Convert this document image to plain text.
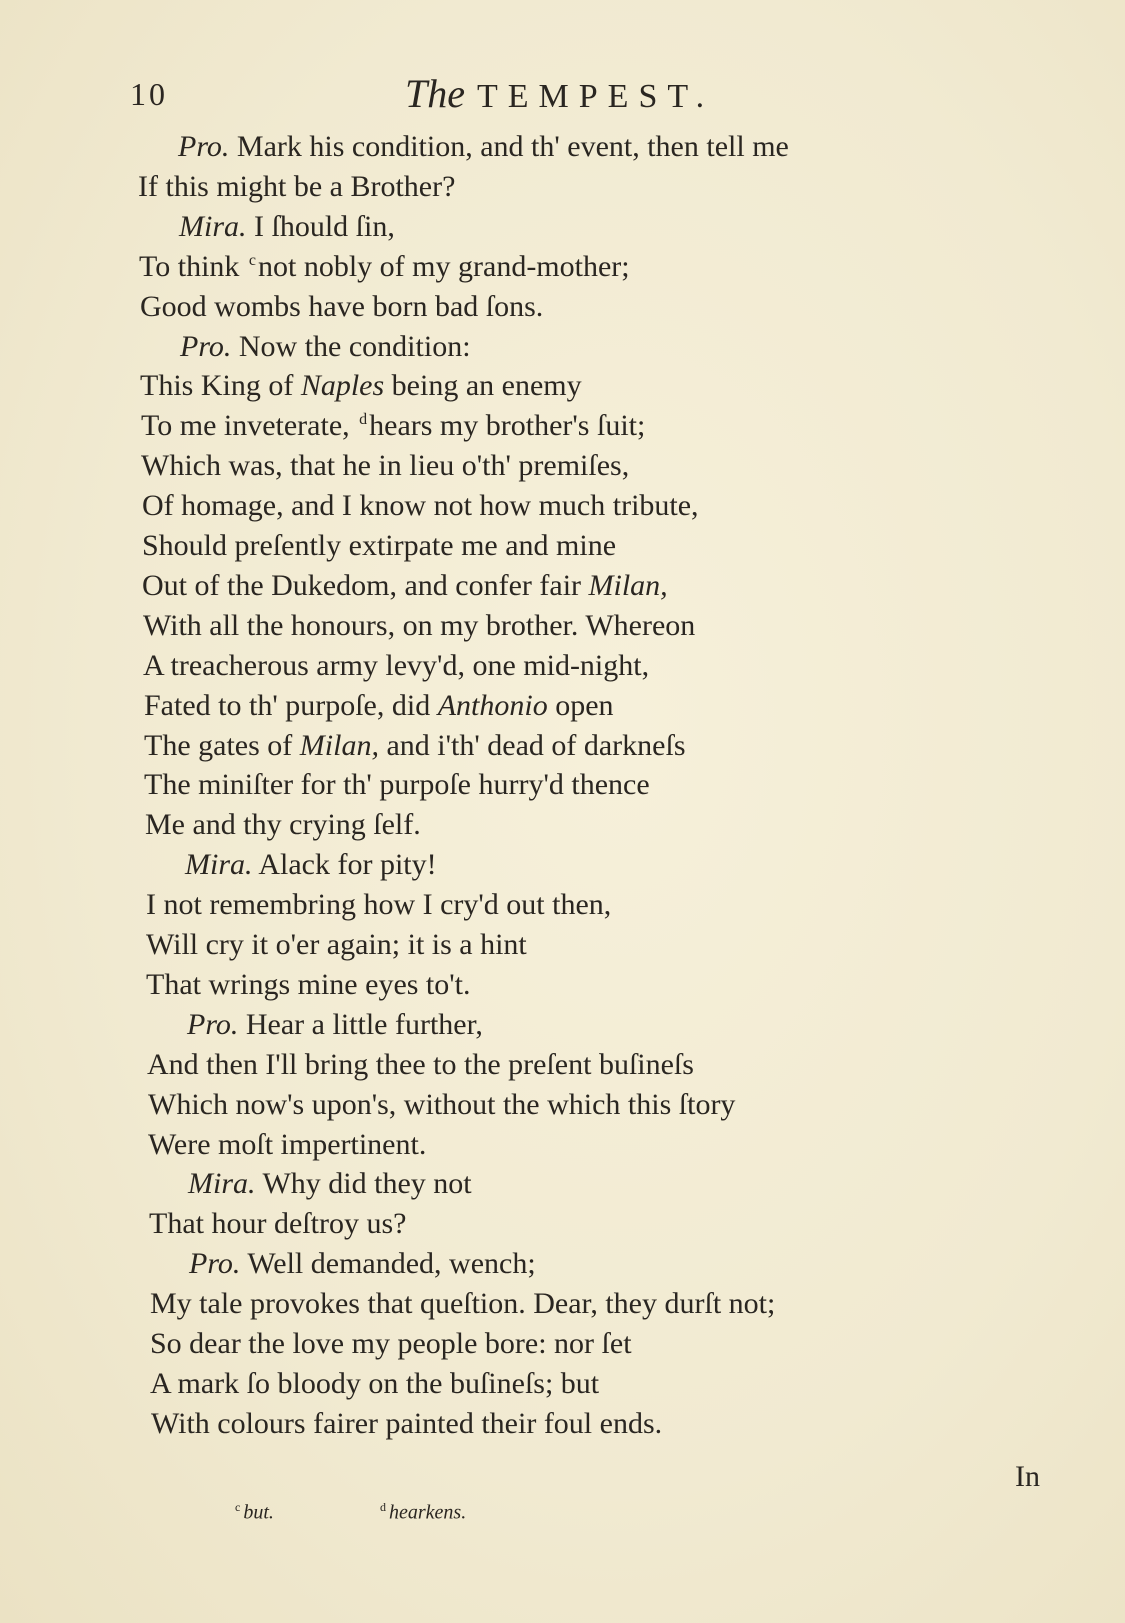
10	The TEMPEST.
Pro. Mark his condition, and th' event, then tell me
If this might be a Brother?
Mira. I ſhould ſin,
To think $^c$not nobly of my grand-mother;
Good wombs have born bad ſons.
Pro. Now the condition:
This King of Naples being an enemy
To me inveterate, $^d$hears my brother's ſuit;
Which was, that he in lieu o'th' premiſes,
Of homage, and I know not how much tribute,
Should preſently extirpate me and mine
Out of the Dukedom, and confer fair Milan,
With all the honours, on my brother. Whereon
A treacherous army levy'd, one mid-night,
Fated to th' purpoſe, did Anthonio open
The gates of Milan, and i'th' dead of darkneſs
The miniſter for th' purpoſe hurry'd thence
Me and thy crying ſelf.
Mira. Alack for pity!
I not remembring how I cry'd out then,
Will cry it o'er again; it is a hint
That wrings mine eyes to't.
Pro. Hear a little further,
And then I'll bring thee to the preſent buſineſs
Which now's upon's, without the which this ſtory
Were moſt impertinent.
Mira. Why did they not
That hour deſtroy us?
Pro. Well demanded, wench;
My tale provokes that queſtion. Dear, they durſt not;
So dear the love my people bore: nor ſet
A mark ſo bloody on the buſineſs; but
With colours fairer painted their foul ends.
In
$^c$ but.	$^d$ hearkens.
